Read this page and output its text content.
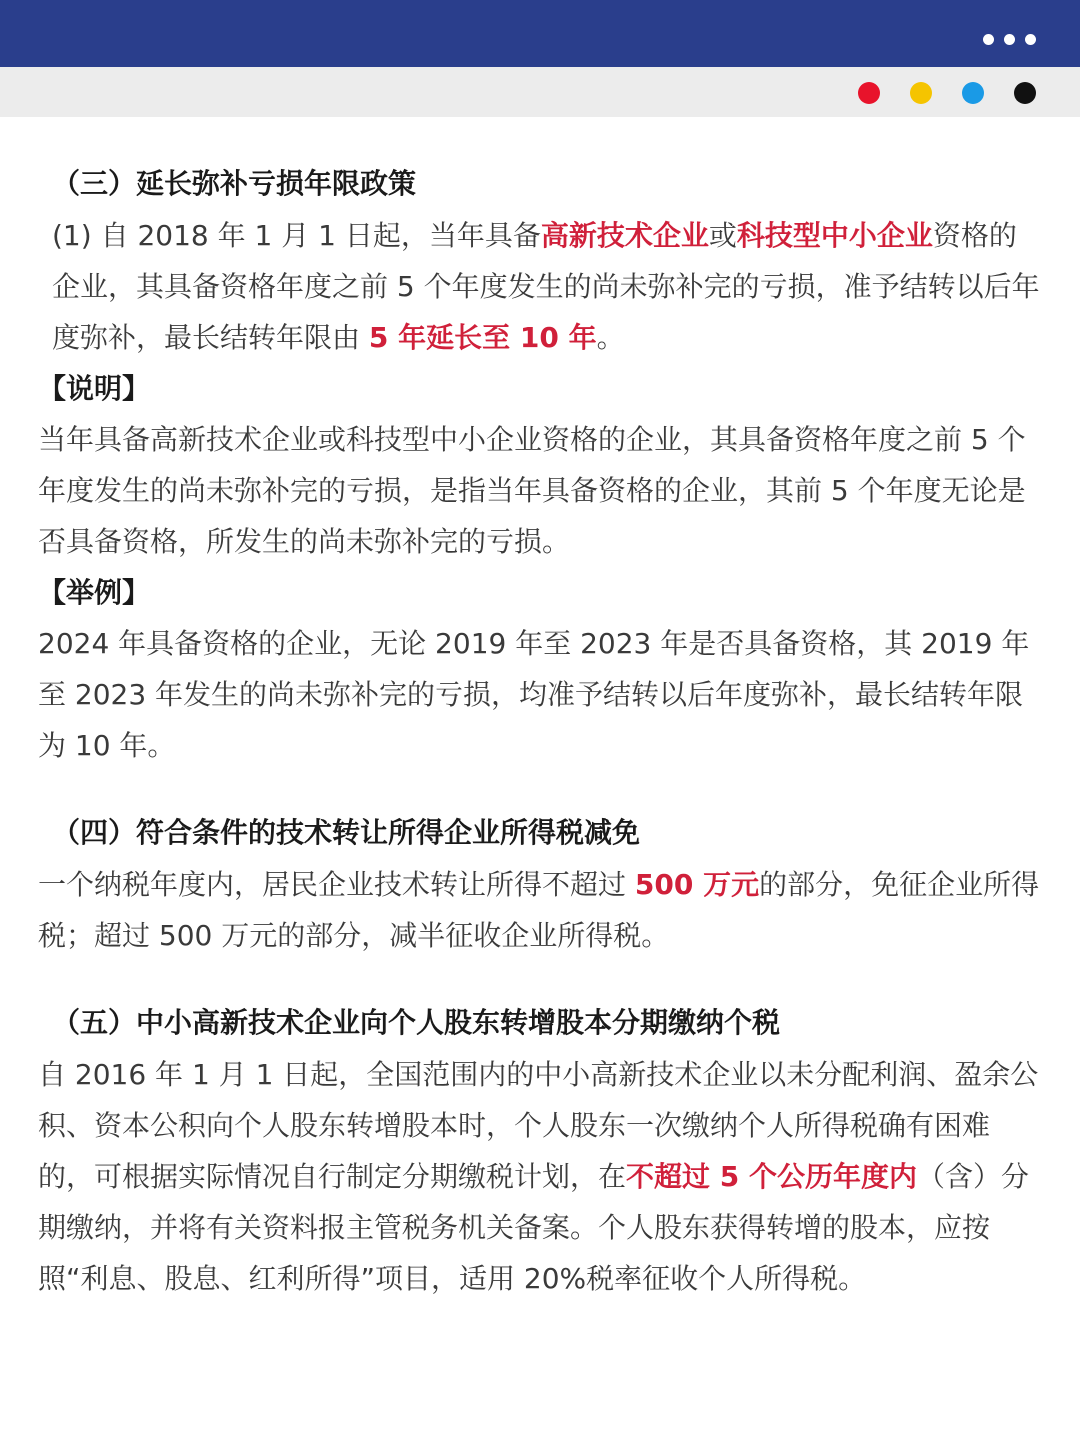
（三）延长弥补亏损年限政策

(1) 自 2018 年 1 月 1 日起，当年具备高新技术企业或科技型中小企业资格的企业，其具备资格年度之前 5 个年度发生的尚未弥补完的亏损，准予结转以后年度弥补，最长结转年限由 5 年延长至 10 年。

【说明】

当年具备高新技术企业或科技型中小企业资格的企业，其具备资格年度之前 5 个年度发生的尚未弥补完的亏损，是指当年具备资格的企业，其前 5 个年度无论是否具备资格，所发生的尚未弥补完的亏损。

【举例】

2024 年具备资格的企业，无论 2019 年至 2023 年是否具备资格，其 2019 年至 2023 年发生的尚未弥补完的亏损，均准予结转以后年度弥补，最长结转年限为 10 年。

（四）符合条件的技术转让所得企业所得税减免

一个纳税年度内，居民企业技术转让所得不超过 500 万元的部分，免征企业所得税；超过 500 万元的部分，减半征收企业所得税。

（五）中小高新技术企业向个人股东转增股本分期缴纳个税

自 2016 年 1 月 1 日起，全国范围内的中小高新技术企业以未分配利润、盈余公积、资本公积向个人股东转增股本时，个人股东一次缴纳个人所得税确有困难的，可根据实际情况自行制定分期缴税计划，在不超过 5 个公历年度内（含）分期缴纳，并将有关资料报主管税务机关备案。个人股东获得转增的股本，应按照“利息、股息、红利所得”项目，适用 20%税率征收个人所得税。
